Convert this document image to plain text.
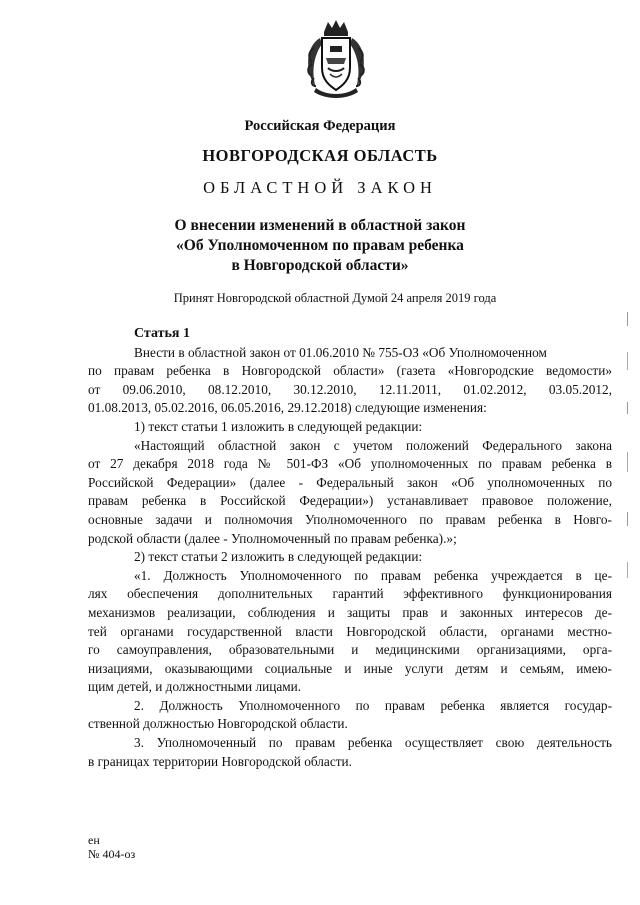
Российская Федерация
НОВГОРОДСКАЯ ОБЛАСТЬ
ОБЛАСТНОЙ ЗАКОН
О внесении изменений в областной закон
«Об Уполномоченном по правам ребенка
в Новгородской области»
Принят Новгородской областной Думой 24 апреля 2019 года
Статья 1
Внести в областной закон от 01.06.2010 № 755-ОЗ «Об Уполномоченном
по правам ребенка в Новгородской области» (газета «Новгородские ведомости»
от 09.06.2010, 08.12.2010, 30.12.2010, 12.11.2011, 01.02.2012, 03.05.2012,
01.08.2013, 05.02.2016, 06.05.2016, 29.12.2018) следующие изменения:
1) текст статьи 1 изложить в следующей редакции:
«Настоящий областной закон с учетом положений Федерального закона
от 27 декабря 2018 года № 501-ФЗ «Об уполномоченных по правам ребенка в
Российской Федерации» (далее - Федеральный закон «Об уполномоченных по
правам ребенка в Российской Федерации») устанавливает правовое положение,
основные задачи и полномочия Уполномоченного по правам ребенка в Новго-
родской области (далее - Уполномоченный по правам ребенка).»;
2) текст статьи 2 изложить в следующей редакции:
«1. Должность Уполномоченного по правам ребенка учреждается в це-
лях обеспечения дополнительных гарантий эффективного функционирования
механизмов реализации, соблюдения и защиты прав и законных интересов де-
тей органами государственной власти Новгородской области, органами местно-
го самоуправления, образовательными и медицинскими организациями, орга-
низациями, оказывающими социальные и иные услуги детям и семьям, имею-
щим детей, и должностными лицами.
2. Должность Уполномоченного по правам ребенка является государ-
ственной должностью Новгородской области.
3. Уполномоченный по правам ребенка осуществляет свою деятельность
в границах территории Новгородской области.
ен
№ 404-оз
